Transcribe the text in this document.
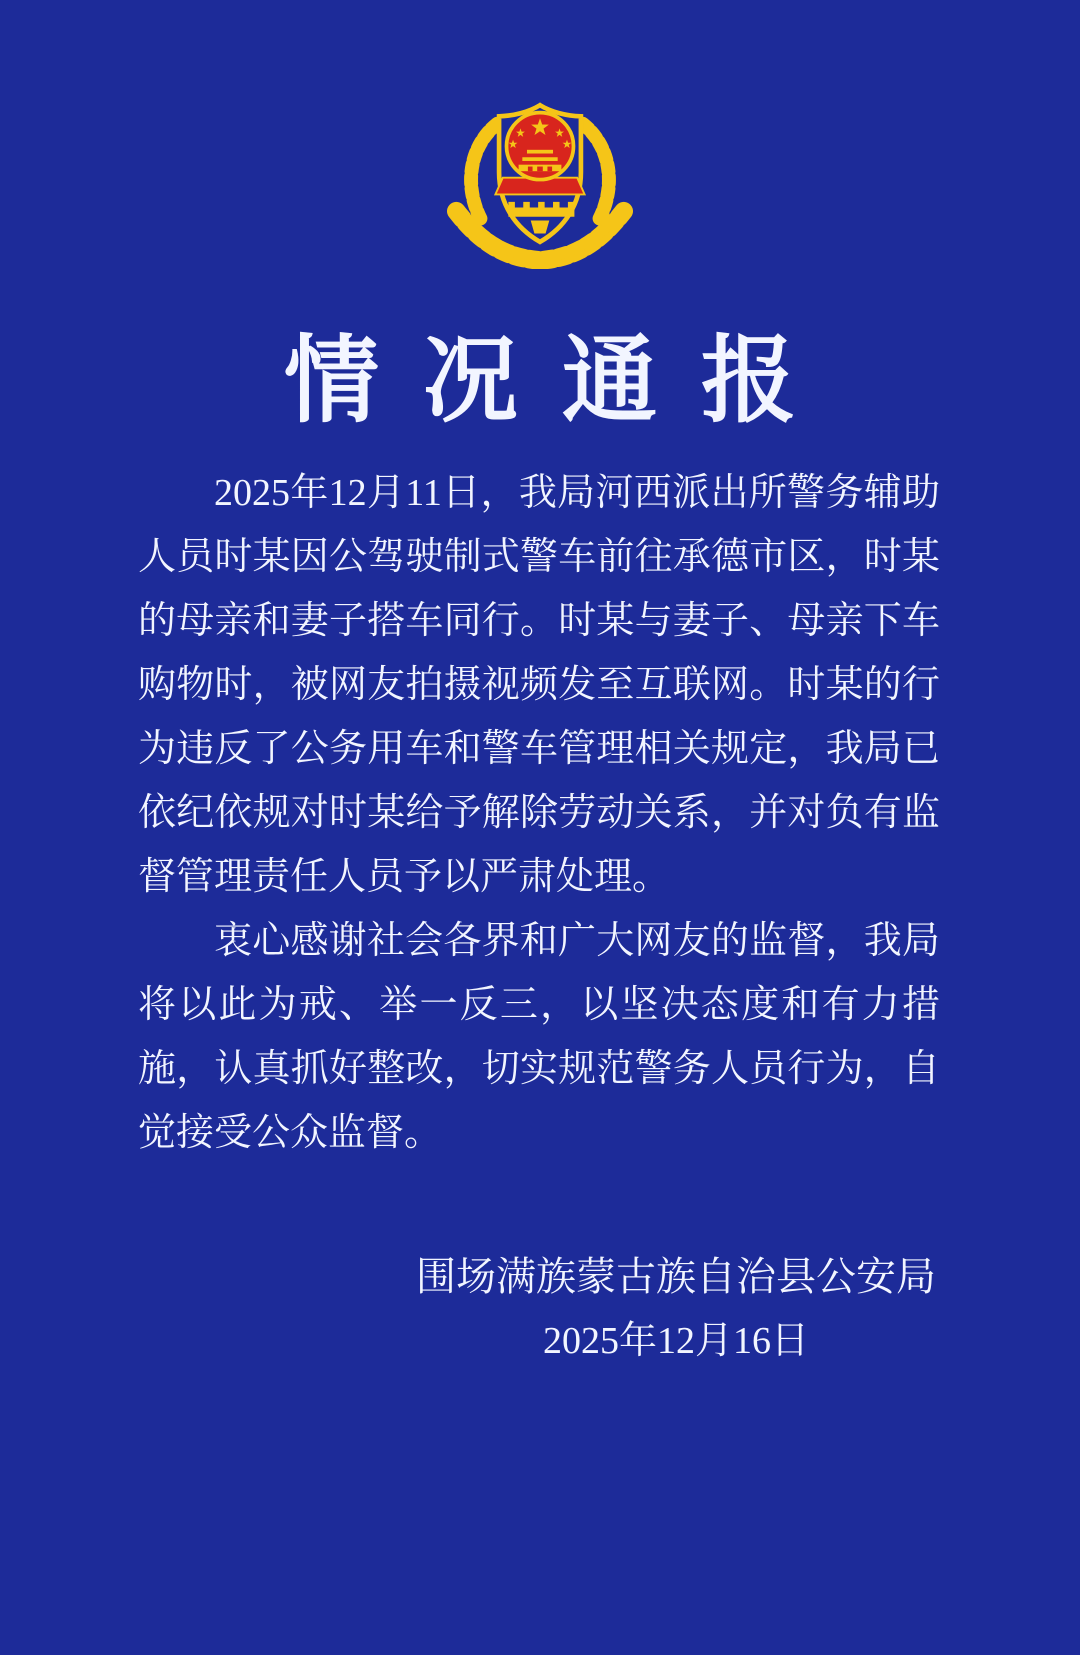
情况通报
2025年12月11日，我局河西派出所警务辅助
人员时某因公驾驶制式警车前往承德市区，时某
的母亲和妻子搭车同行。时某与妻子、母亲下车
购物时，被网友拍摄视频发至互联网。时某的行
为违反了公务用车和警车管理相关规定，我局已
依纪依规对时某给予解除劳动关系，并对负有监
督管理责任人员予以严肃处理。
衷心感谢社会各界和广大网友的监督，我局
将以此为戒、举一反三，以坚决态度和有力措
施，认真抓好整改，切实规范警务人员行为，自
觉接受公众监督。
围场满族蒙古族自治县公安局
2025年12月16日
